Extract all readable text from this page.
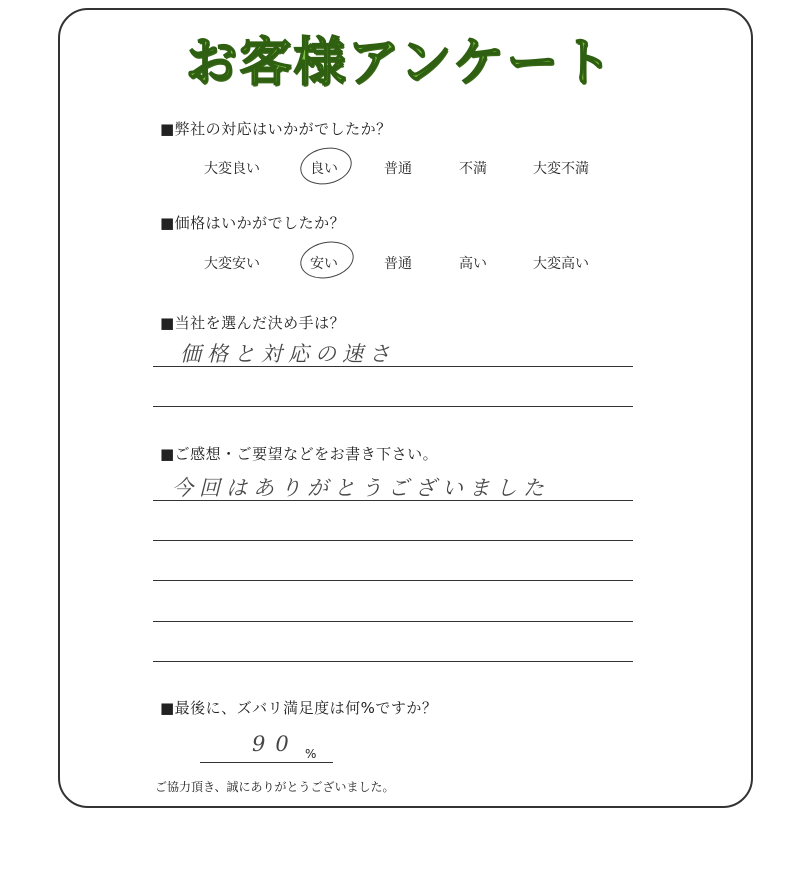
お客様アンケート
■弊社の対応はいかがでしたか？
大変良い	良い	普通	不満	大変不満
■価格はいかがでしたか？
大変安い	安い	普通	高い	大変高い
■当社を選んだ決め手は？
価格と対応の速さ
■ご感想・ご要望などをお書き下さい。
今回はありがとうございました
■最後に、ズバリ満足度は何%ですか？
90 %
ご協力頂き、誠にありがとうございました。
